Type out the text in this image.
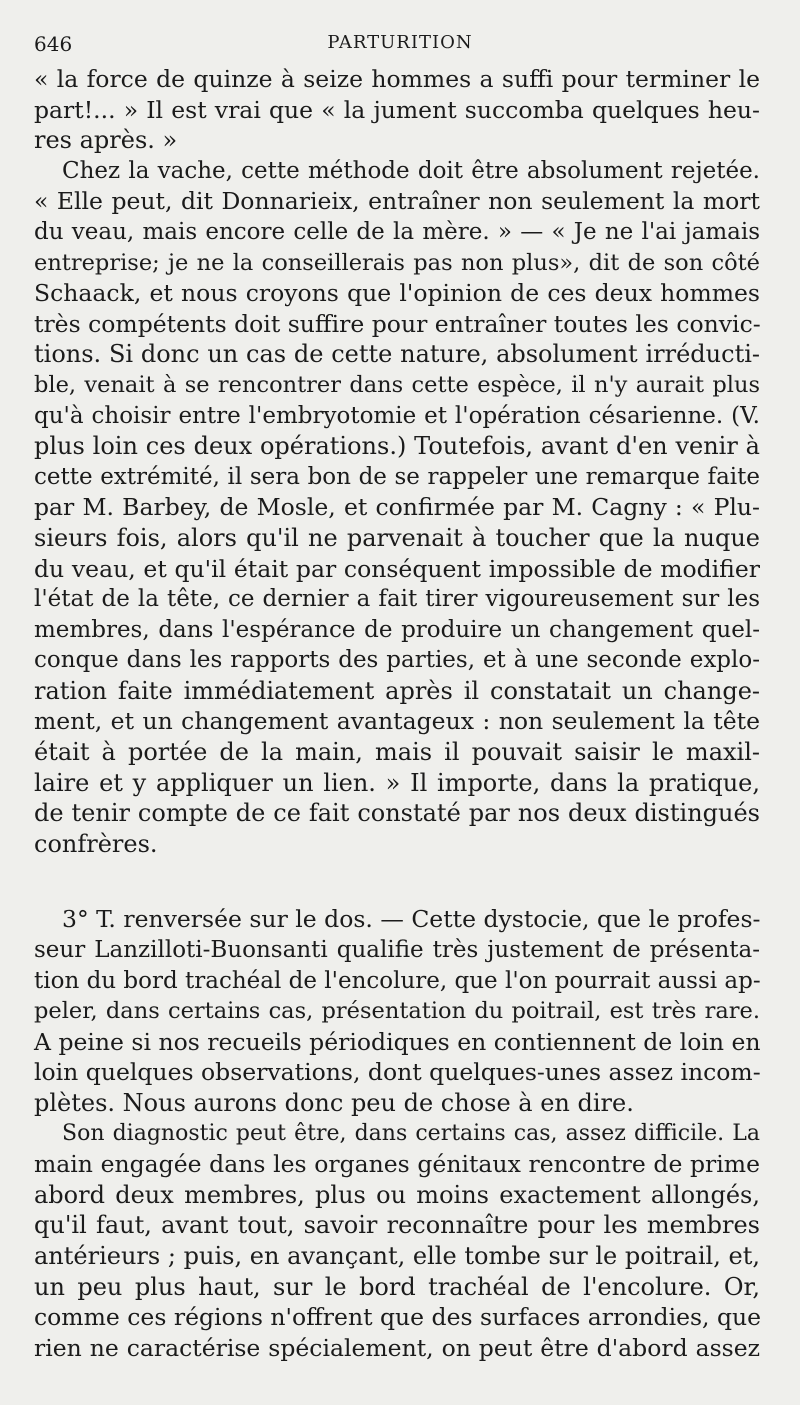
646	PARTURITION
« la force de quinze à seize hommes a suffi pour terminer le
part!... » Il est vrai que « la jument succomba quelques heu-
res après. »
Chez la vache, cette méthode doit être absolument rejetée.
« Elle peut, dit Donnarieix, entraîner non seulement la mort
du veau, mais encore celle de la mère. » — « Je ne l'ai jamais
entreprise; je ne la conseillerais pas non plus», dit de son côté
Schaack, et nous croyons que l'opinion de ces deux hommes
très compétents doit suffire pour entraîner toutes les convic-
tions. Si donc un cas de cette nature, absolument irréducti-
ble, venait à se rencontrer dans cette espèce, il n'y aurait plus
qu'à choisir entre l'embryotomie et l'opération césarienne. (V.
plus loin ces deux opérations.) Toutefois, avant d'en venir à
cette extrémité, il sera bon de se rappeler une remarque faite
par M. Barbey, de Mosle, et confirmée par M. Cagny : « Plu-
sieurs fois, alors qu'il ne parvenait à toucher que la nuque
du veau, et qu'il était par conséquent impossible de modifier
l'état de la tête, ce dernier a fait tirer vigoureusement sur les
membres, dans l'espérance de produire un changement quel-
conque dans les rapports des parties, et à une seconde explo-
ration faite immédiatement après il constatait un change-
ment, et un changement avantageux : non seulement la tête
était à portée de la main, mais il pouvait saisir le maxil-
laire et y appliquer un lien. » Il importe, dans la pratique,
de tenir compte de ce fait constaté par nos deux distingués
confrères.
3° T. renversée sur le dos. — Cette dystocie, que le profes-
seur Lanzilloti-Buonsanti qualifie très justement de présenta-
tion du bord trachéal de l'encolure, que l'on pourrait aussi ap-
peler, dans certains cas, présentation du poitrail, est très rare.
A peine si nos recueils périodiques en contiennent de loin en
loin quelques observations, dont quelques-unes assez incom-
plètes. Nous aurons donc peu de chose à en dire.
Son diagnostic peut être, dans certains cas, assez difficile. La
main engagée dans les organes génitaux rencontre de prime
abord deux membres, plus ou moins exactement allongés,
qu'il faut, avant tout, savoir reconnaître pour les membres
antérieurs ; puis, en avançant, elle tombe sur le poitrail, et,
un peu plus haut, sur le bord trachéal de l'encolure. Or,
comme ces régions n'offrent que des surfaces arrondies, que
rien ne caractérise spécialement, on peut être d'abord assez
